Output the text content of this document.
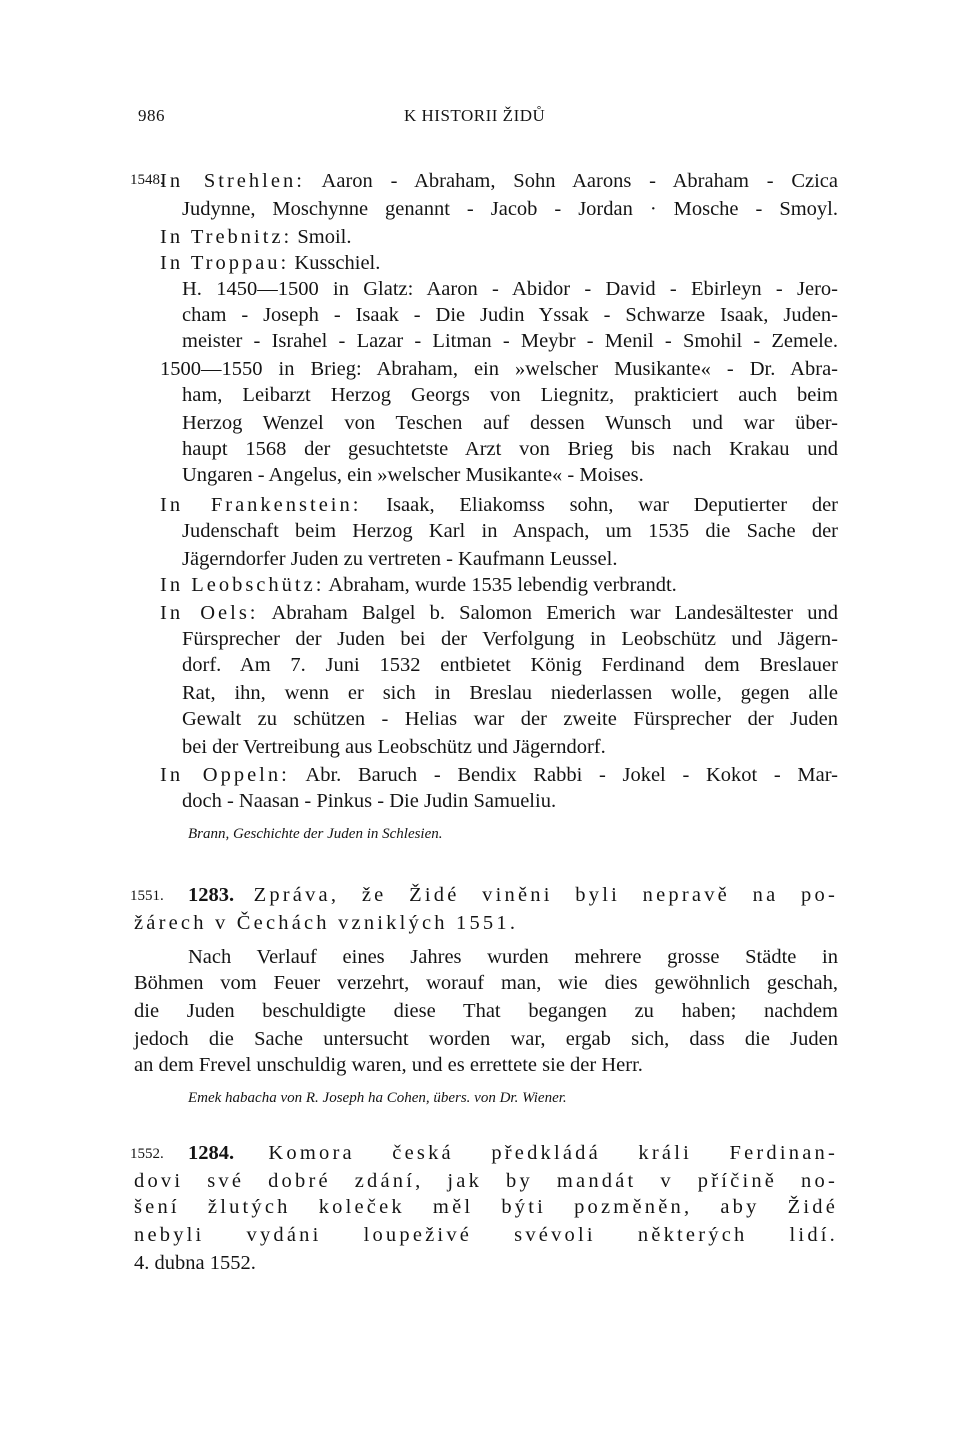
986	K HISTORII ŽIDŮ
1548.
In Strehlen: Aaron - Abraham, Sohn Aarons - Abraham - Czica
Judynne, Moschynne genannt - Jacob - Jordan · Mosche - Smoyl.
In Trebnitz: Smoil.
In Troppau: Kusschiel.
H. 1450—1500 in Glatz: Aaron - Abidor - David - Ebirleyn - Jero-
cham - Joseph - Isaak - Die Judin Yssak - Schwarze Isaak, Juden-
meister - Israhel - Lazar - Litman - Meybr - Menil - Smohil - Zemele.
1500—1550 in Brieg: Abraham, ein »welscher Musikante« - Dr. Abra-
ham, Leibarzt Herzog Georgs von Liegnitz, prakticiert auch beim
Herzog Wenzel von Teschen auf dessen Wunsch und war über-
haupt 1568 der gesuchtetste Arzt von Brieg bis nach Krakau und
Ungaren - Angelus, ein »welscher Musikante« - Moises.
In Frankenstein: Isaak, Eliakomss sohn, war Deputierter der
Judenschaft beim Herzog Karl in Anspach, um 1535 die Sache der
Jägerndorfer Juden zu vertreten - Kaufmann Leussel.
In Leobschütz: Abraham, wurde 1535 lebendig verbrandt.
In Oels: Abraham Balgel b. Salomon Emerich war Landesältester und
Fürsprecher der Juden bei der Verfolgung in Leobschütz und Jägern-
dorf. Am 7. Juni 1532 entbietet König Ferdinand dem Breslauer
Rat, ihn, wenn er sich in Breslau niederlassen wolle, gegen alle
Gewalt zu schützen - Helias war der zweite Fürsprecher der Juden
bei der Vertreibung aus Leobschütz und Jägerndorf.
In Oppeln: Abr. Baruch - Bendix Rabbi - Jokel - Kokot - Mar-
doch - Naasan - Pinkus - Die Judin Samueliu.
Brann, Geschichte der Juden in Schlesien.
1551. 1283. Zpráva, že Židé viněni byli nepravě na po-
žárech v Čechách vzniklých 1551.
Nach Verlauf eines Jahres wurden mehrere grosse Städte in
Böhmen vom Feuer verzehrt, worauf man, wie dies gewöhnlich geschah,
die Juden beschuldigte diese That begangen zu haben; nachdem
jedoch die Sache untersucht worden war, ergab sich, dass die Juden
an dem Frevel unschuldig waren, und es errettete sie der Herr.
Emek habacha von R. Joseph ha Cohen, übers. von Dr. Wiener.
1552. 1284. Komora česká předkládá králi Ferdinan-
dovi své dobré zdání, jak by mandát v příčině no-
šení žlutých koleček měl býti pozměněn, aby Židé
nebyli vydáni loupeživé svévoli některých lidí.
4. dubna 1552.
